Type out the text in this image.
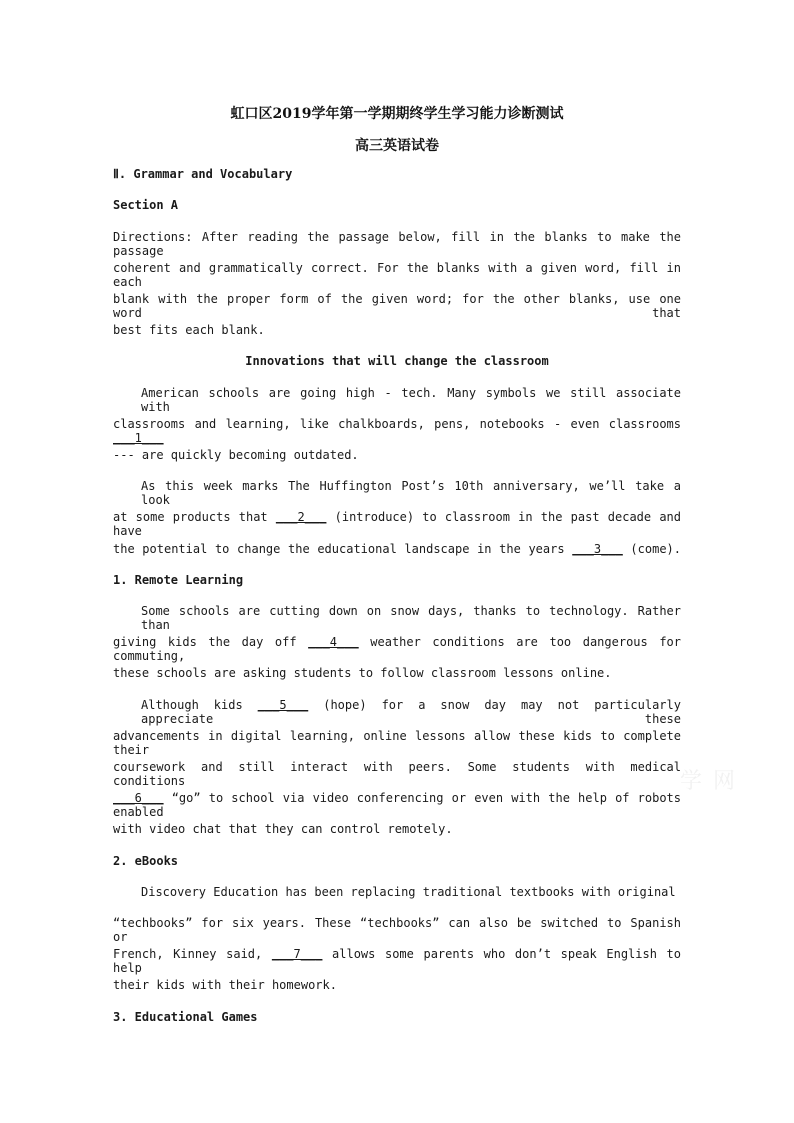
虹口区2019学年第一学期期终学生学习能力诊断测试
高三英语试卷
Ⅱ. Grammar and Vocabulary
Section A
Directions: After reading the passage below, fill in the blanks to make the passage
coherent and grammatically correct. For the blanks with a given word, fill in each
blank with the proper form of the given word; for the other blanks, use one word that
best fits each blank.
Innovations that will change the classroom
American schools are going high - tech. Many symbols we still associate with
classrooms and learning, like chalkboards, pens, notebooks - even classrooms ___1___
--- are quickly becoming outdated.
As this week marks The Huffington Post’s 10th anniversary, we’ll take a look
at some products that ___2___ (introduce) to classroom in the past decade and have
the potential to change the educational landscape in the years ___3___ (come).
1. Remote Learning
Some schools are cutting down on snow days, thanks to technology. Rather than
giving kids the day off ___4___ weather conditions are too dangerous for commuting,
these schools are asking students to follow classroom lessons online.
Although kids ___5___ (hope) for a snow day may not particularly appreciate these
advancements in digital learning, online lessons allow these kids to complete their
coursework and still interact with peers. Some students with medical conditions
___6___ “go” to school via video conferencing or even with the help of robots enabled
with video chat that they can control remotely.
2. eBooks
Discovery Education has been replacing traditional textbooks with original
“techbooks” for six years. These “techbooks” can also be switched to Spanish or
French, Kinney said, ___7___ allows some parents who don’t speak English to help
their kids with their homework.
3. Educational Games
学 网
